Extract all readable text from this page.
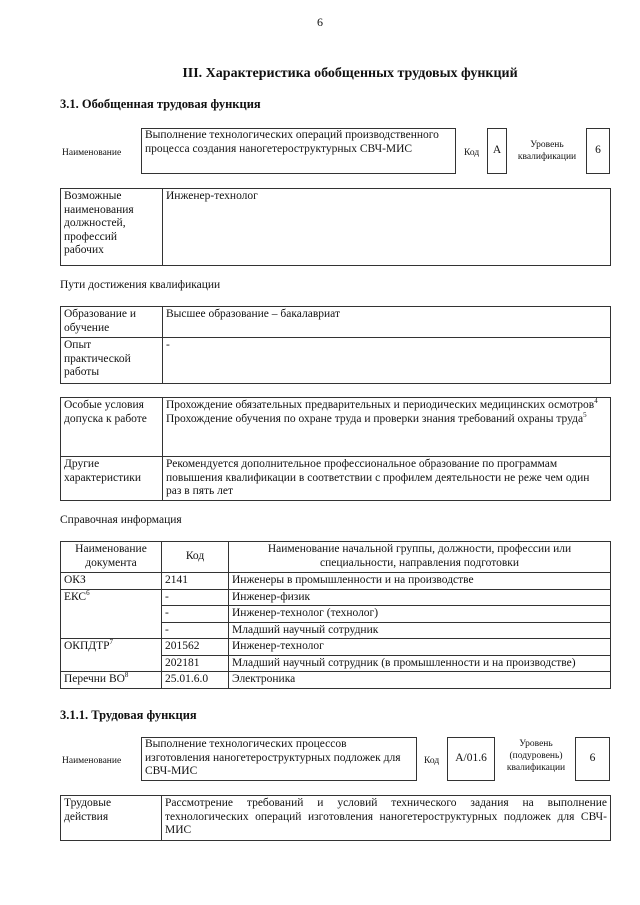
6
III. Характеристика обобщенных трудовых функций
3.1. Обобщенная трудовая функция
Наименование
Выполнение технологических операций производственного процесса создания наногетероструктурных СВЧ-МИС	Код	А	Уровень квалификации
6
Возможные наименования должностей, профессий рабочих	Инженер-технолог
Пути достижения квалификации
Образование и обучение	Высшее образование – бакалавриат
Опыт практической работы	-
Особые условия допуска к работе	Прохождение обязательных предварительных и периодических медицинских осмотров$^4$
Прохождение обучения по охране труда и проверки знания требований охраны труда$^5$

Другие характеристики	Рекомендуется дополнительное профессиональное образование по программам повышения квалификации в соответствии с профилем деятельности не реже чем один раз в пять лет
Справочная информация
Наименование документа	Код	Наименование начальной группы, должности, профессии или специальности, направления подготовки
ОКЗ	2141	Инженеры в промышленности и на производстве
ЕКС$^6$	-	Инженер-физик
	-	Инженер-технолог (технолог)
	-	Младший научный сотрудник
ОКПДТР$^7$	201562	Инженер-технолог
	202181	Младший научный сотрудник (в промышленности и на производстве)
Перечни $ВО^8$	25.01.6.0	Электроника
3.1.1. Трудовая функция
Наименование
Выполнение технологических процессов изготовления наногетероструктурных подложек для СВЧ-МИС
Код	А/01.6
Уровень (подуровень) квалификации
6
Трудовые действия	Рассмотрение требований и условий технического задания на выполнение технологических операций изготовления наногетероструктурных подложек для СВЧ-МИС
